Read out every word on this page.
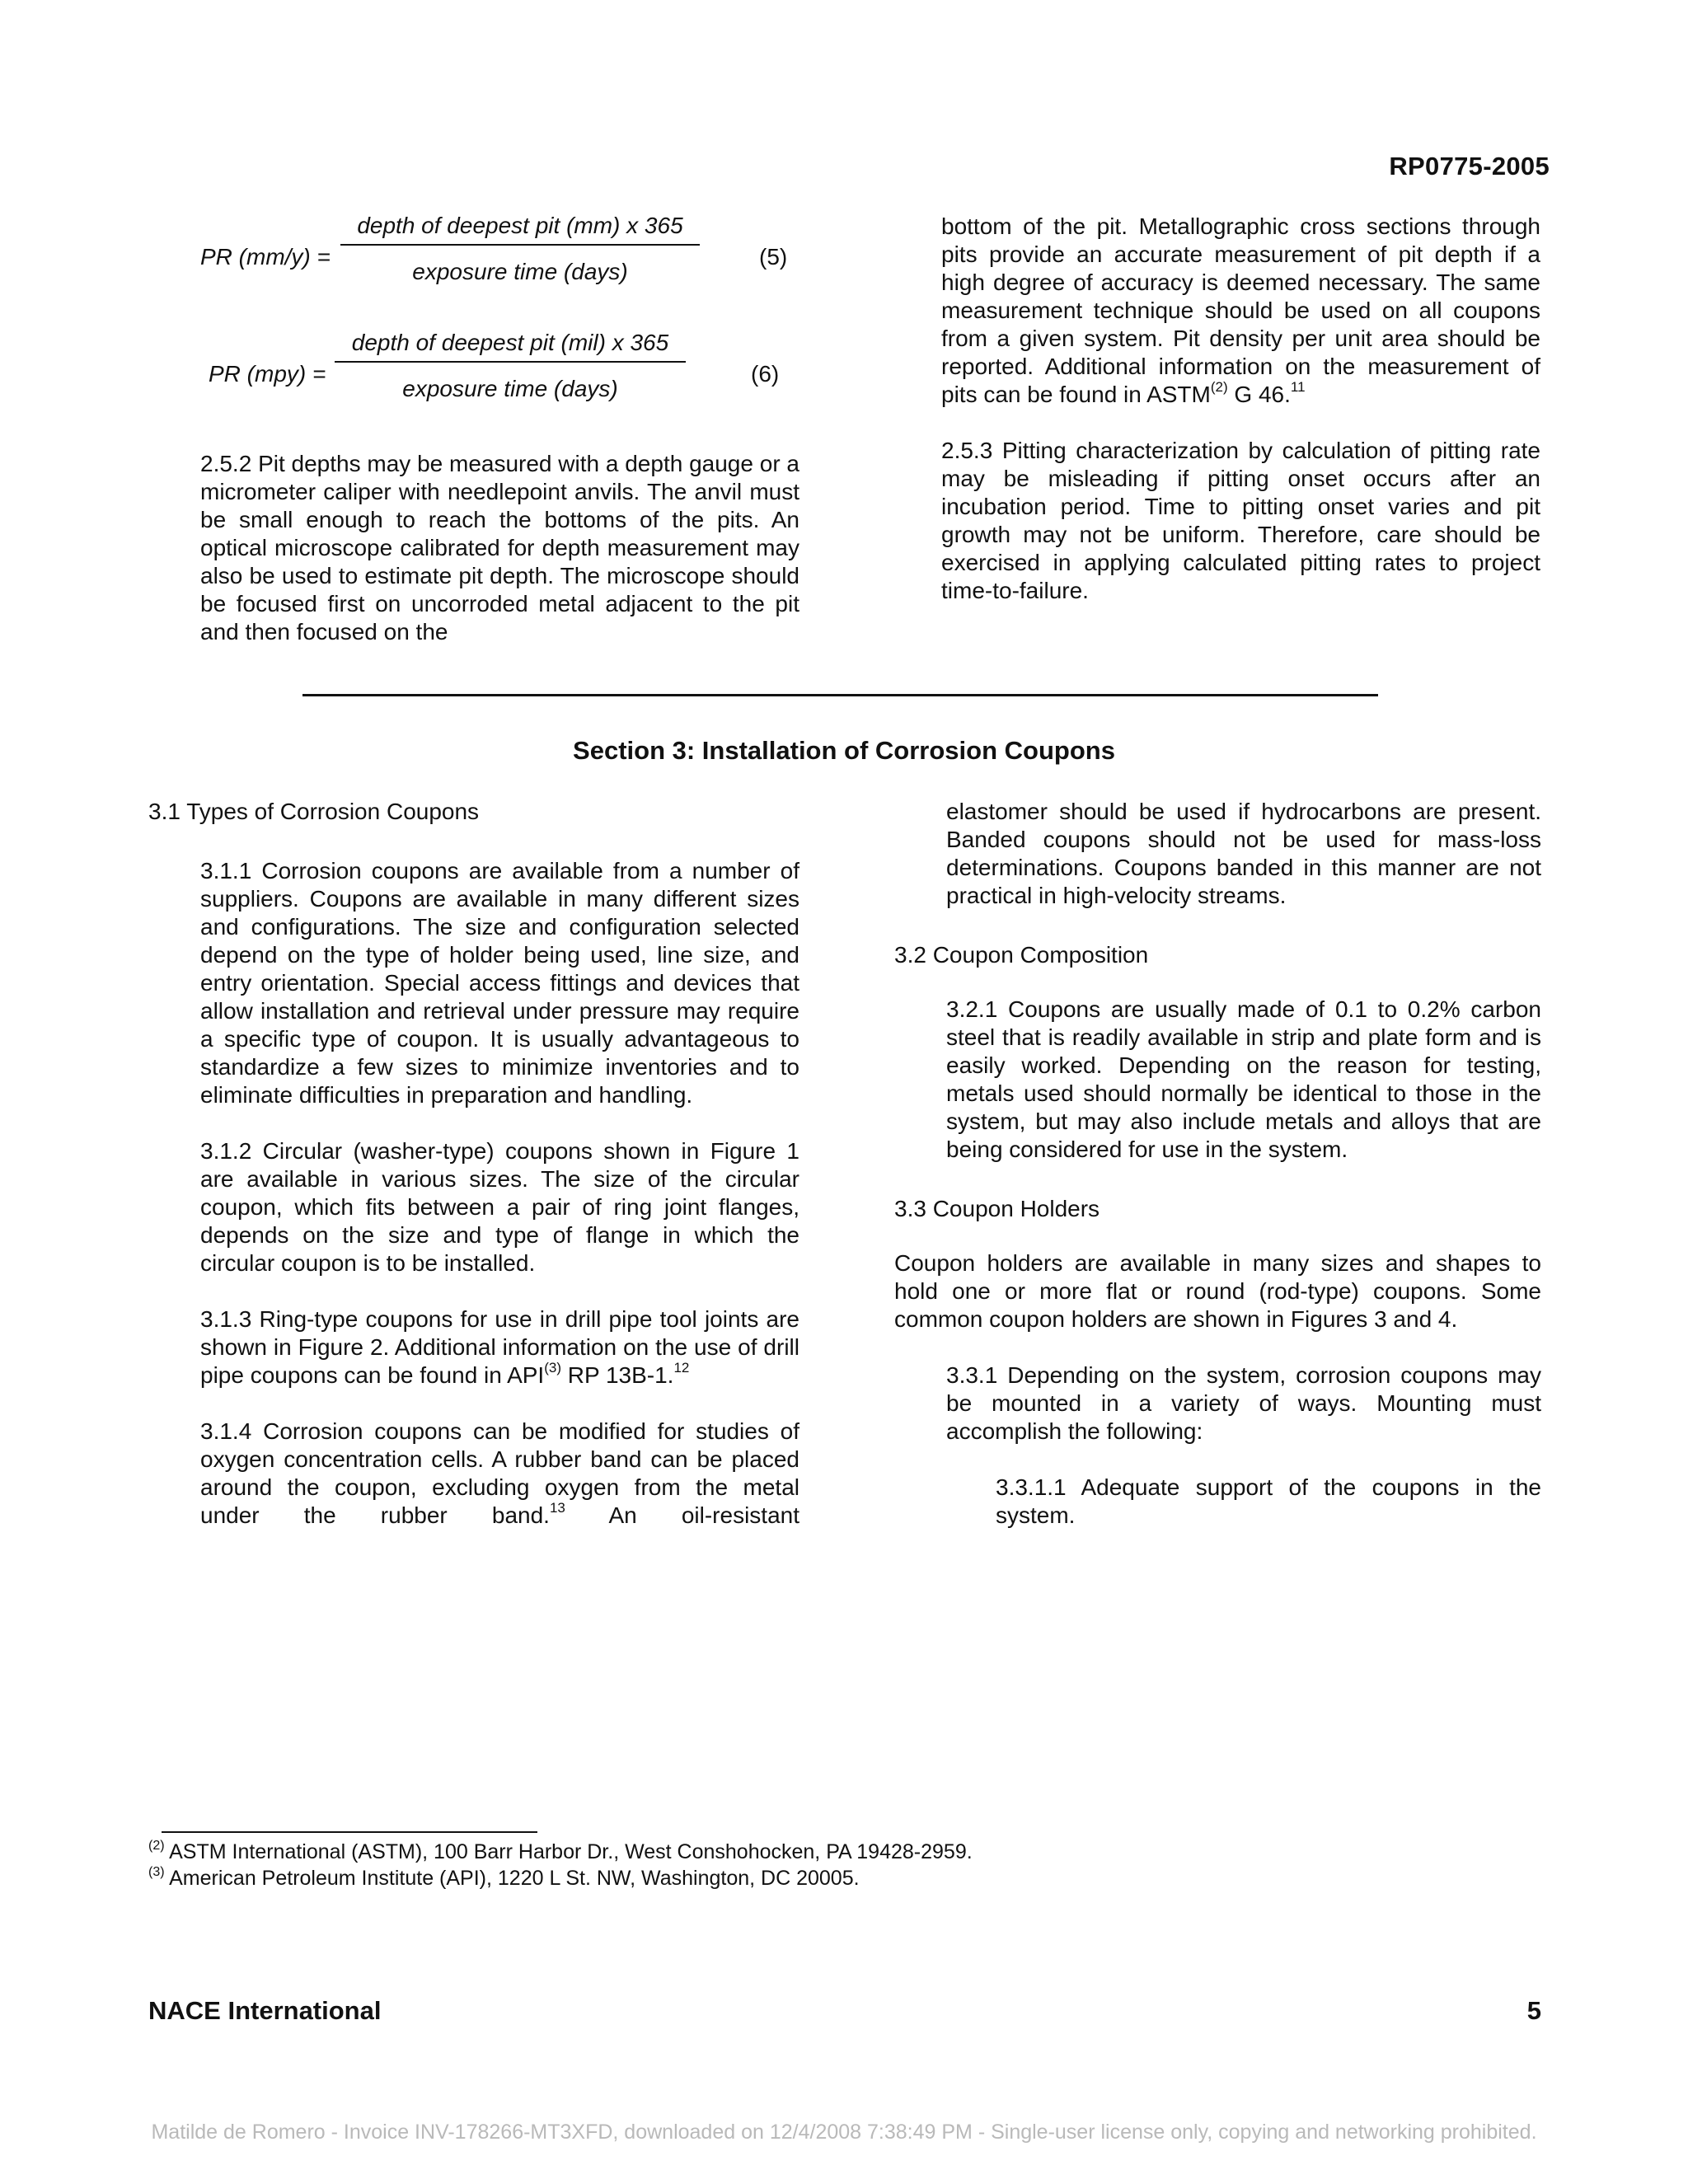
RP0775-2005
PR (mm/y) =
depth of deepest pit (mm) x 365
exposure time (days)
(5)
PR (mpy) =
depth of deepest pit (mil) x 365
exposure time (days)
(6)

2.5.2 Pit depths may be measured with a depth gauge or a micrometer caliper with needlepoint anvils. The anvil must be small enough to reach the bottoms of the pits. An optical microscope calibrated for depth measurement may also be used to estimate pit depth. The microscope should be focused first on uncorroded metal adjacent to the pit and then focused on the

bottom of the pit. Metallographic cross sections through pits provide an accurate measurement of pit depth if a high degree of accuracy is deemed necessary. The same measurement technique should be used on all coupons from a given system. Pit density per unit area should be reported. Additional information on the measurement of pits can be found in ASTM$^{(2)}$ G 46.11

2.5.3 Pitting characterization by calculation of pitting rate may be misleading if pitting onset occurs after an incubation period. Time to pitting onset varies and pit growth may not be uniform. Therefore, care should be exercised in applying calculated pitting rates to project time-to-failure.

Section 3: Installation of Corrosion Coupons

3.1 Types of Corrosion Coupons

3.1.1 Corrosion coupons are available from a number of suppliers. Coupons are available in many different sizes and configurations. The size and configuration selected depend on the type of holder being used, line size, and entry orientation. Special access fittings and devices that allow installation and retrieval under pressure may require a specific type of coupon. It is usually advantageous to standardize a few sizes to minimize inventories and to eliminate difficulties in preparation and handling.

3.1.2 Circular (washer-type) coupons shown in Figure 1 are available in various sizes. The size of the circular coupon, which fits between a pair of ring joint flanges, depends on the size and type of flange in which the circular coupon is to be installed.

3.1.3 Ring-type coupons for use in drill pipe tool joints are shown in Figure 2. Additional information on the use of drill pipe coupons can be found in API$^{(3)}$ RP 13B-1.12

3.1.4 Corrosion coupons can be modified for studies of oxygen concentration cells. A rubber band can be placed around the coupon, excluding oxygen from the metal under the rubber band.$^{13}$ An oil-resistant

elastomer should be used if hydrocarbons are present. Banded coupons should not be used for mass-loss determinations. Coupons banded in this manner are not practical in high-velocity streams.

3.2 Coupon Composition

3.2.1 Coupons are usually made of 0.1 to 0.2% carbon steel that is readily available in strip and plate form and is easily worked. Depending on the reason for testing, metals used should normally be identical to those in the system, but may also include metals and alloys that are being considered for use in the system.

3.3 Coupon Holders

Coupon holders are available in many sizes and shapes to hold one or more flat or round (rod-type) coupons. Some common coupon holders are shown in Figures 3 and 4.

3.3.1 Depending on the system, corrosion coupons may be mounted in a variety of ways. Mounting must accomplish the following:

3.3.1.1 Adequate support of the coupons in the system.

$^{(2)}$ ASTM International (ASTM), 100 Barr Harbor Dr., West Conshohocken, PA 19428-2959.
$^{(3)}$ American Petroleum Institute (API), 1220 L St. NW, Washington, DC 20005.
NACE International	5
Matilde de Romero - Invoice INV-178266-MT3XFD, downloaded on 12/4/2008 7:38:49 PM - Single-user license only, copying and networking prohibited.
